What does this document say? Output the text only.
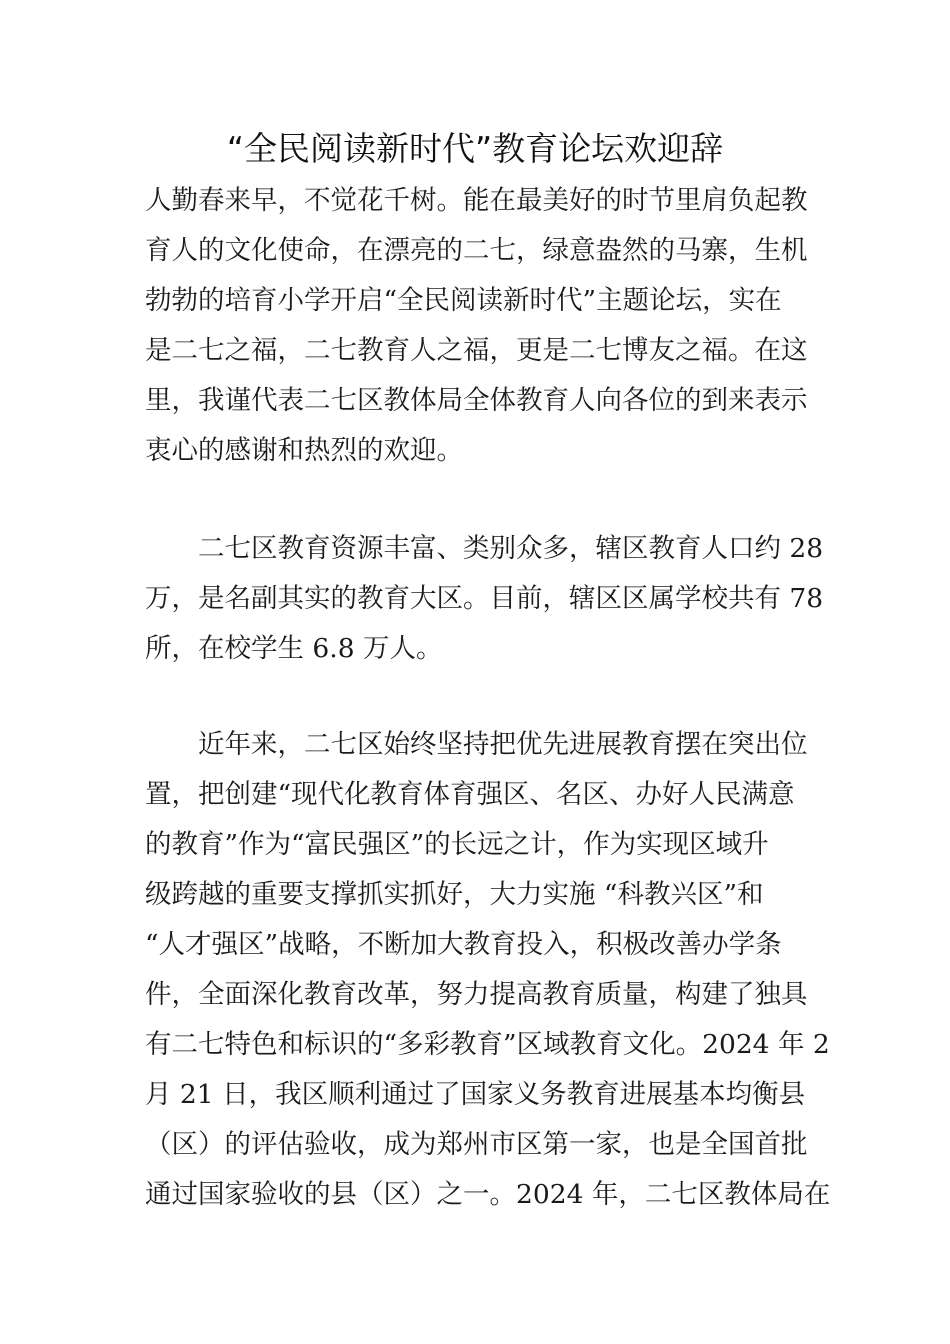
“全民阅读新时代”教育论坛欢迎辞
人勤春来早，不觉花千树。能在最美好的时节里肩负起教
育人的文化使命，在漂亮的二七，绿意盎然的马寨，生机
勃勃的培育小学开启“全民阅读新时代”主题论坛，实在
是二七之福，二七教育人之福，更是二七博友之福。在这
里，我谨代表二七区教体局全体教育人向各位的到来表示
衷心的感谢和热烈的欢迎。
　　二七区教育资源丰富、类别众多，辖区教育人口约 28
万，是名副其实的教育大区。目前，辖区区属学校共有 78
所，在校学生 6.8 万人。
　　近年来，二七区始终坚持把优先进展教育摆在突出位
置，把创建“现代化教育体育强区、名区、办好人民满意
的教育”作为“富民强区”的长远之计，作为实现区域升
级跨越的重要支撑抓实抓好，大力实施 “科教兴区”和
“人才强区”战略，不断加大教育投入，积极改善办学条
件，全面深化教育改革，努力提高教育质量，构建了独具
有二七特色和标识的“多彩教育”区域教育文化。2024 年 2
月 21 日，我区顺利通过了国家义务教育进展基本均衡县
（区）的评估验收，成为郑州市区第一家，也是全国首批
通过国家验收的县（区）之一。2024 年，二七区教体局在
